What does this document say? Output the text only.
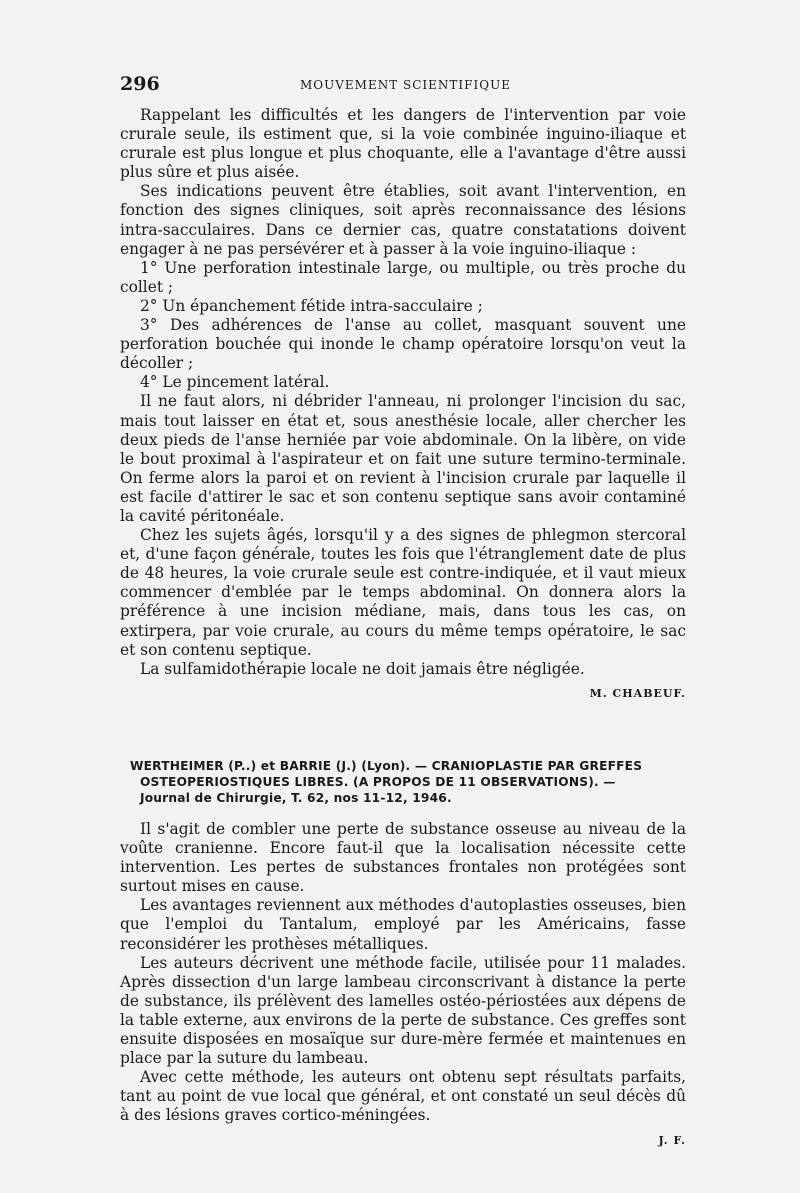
296	MOUVEMENT SCIENTIFIQUE

Rappelant les difficultés et les dangers de l'intervention par voie crurale seule, ils estiment que, si la voie combinée inguino-iliaque et crurale est plus longue et plus choquante, elle a l'avantage d'être aussi plus sûre et plus aisée.

Ses indications peuvent être établies, soit avant l'intervention, en fonction des signes cliniques, soit après reconnaissance des lésions intra-sacculaires. Dans ce dernier cas, quatre constatations doivent engager à ne pas persévérer et à passer à la voie inguino-iliaque :

1° Une perforation intestinale large, ou multiple, ou très proche du collet ;

2° Un épanchement fétide intra-sacculaire ;

3° Des adhérences de l'anse au collet, masquant souvent une perforation bouchée qui inonde le champ opératoire lorsqu'on veut la décoller ;

4° Le pincement latéral.

Il ne faut alors, ni débrider l'anneau, ni prolonger l'incision du sac, mais tout laisser en état et, sous anesthésie locale, aller chercher les deux pieds de l'anse herniée par voie abdominale. On la libère, on vide le bout proximal à l'aspirateur et on fait une suture termino-terminale. On ferme alors la paroi et on revient à l'incision crurale par laquelle il est facile d'attirer le sac et son contenu septique sans avoir contaminé la cavité péritonéale.

Chez les sujets âgés, lorsqu'il y a des signes de phlegmon stercoral et, d'une façon générale, toutes les fois que l'étranglement date de plus de 48 heures, la voie crurale seule est contre-indiquée, et il vaut mieux commencer d'emblée par le temps abdominal. On donnera alors la préférence à une incision médiane, mais, dans tous les cas, on extirpera, par voie crurale, au cours du même temps opératoire, le sac et son contenu septique.

La sulfamidothérapie locale ne doit jamais être négligée.

M. CHABEUF.
WERTHEIMER (P..) et BARRIE (J.) (Lyon). — CRANIOPLASTIE PAR GREFFES
OSTEOPERIOSTIQUES LIBRES. (A PROPOS DE 11 OBSERVATIONS). —
Journal de Chirurgie, T. 62, nos 11-12, 1946.

Il s'agit de combler une perte de substance osseuse au niveau de la voûte cranienne. Encore faut-il que la localisation nécessite cette intervention. Les pertes de substances frontales non protégées sont surtout mises en cause.

Les avantages reviennent aux méthodes d'autoplasties osseuses, bien que l'emploi du Tantalum, employé par les Américains, fasse reconsidérer les prothèses métalliques.

Les auteurs décrivent une méthode facile, utilisée pour 11 malades. Après dissection d'un large lambeau circonscrivant à distance la perte de substance, ils prélèvent des lamelles ostéo-périostées aux dépens de la table externe, aux environs de la perte de substance. Ces greffes sont ensuite disposées en mosaïque sur dure-mère fermée et maintenues en place par la suture du lambeau.

Avec cette méthode, les auteurs ont obtenu sept résultats parfaits, tant au point de vue local que général, et ont constaté un seul décès dû à des lésions graves cortico-méningées.

J. F.
